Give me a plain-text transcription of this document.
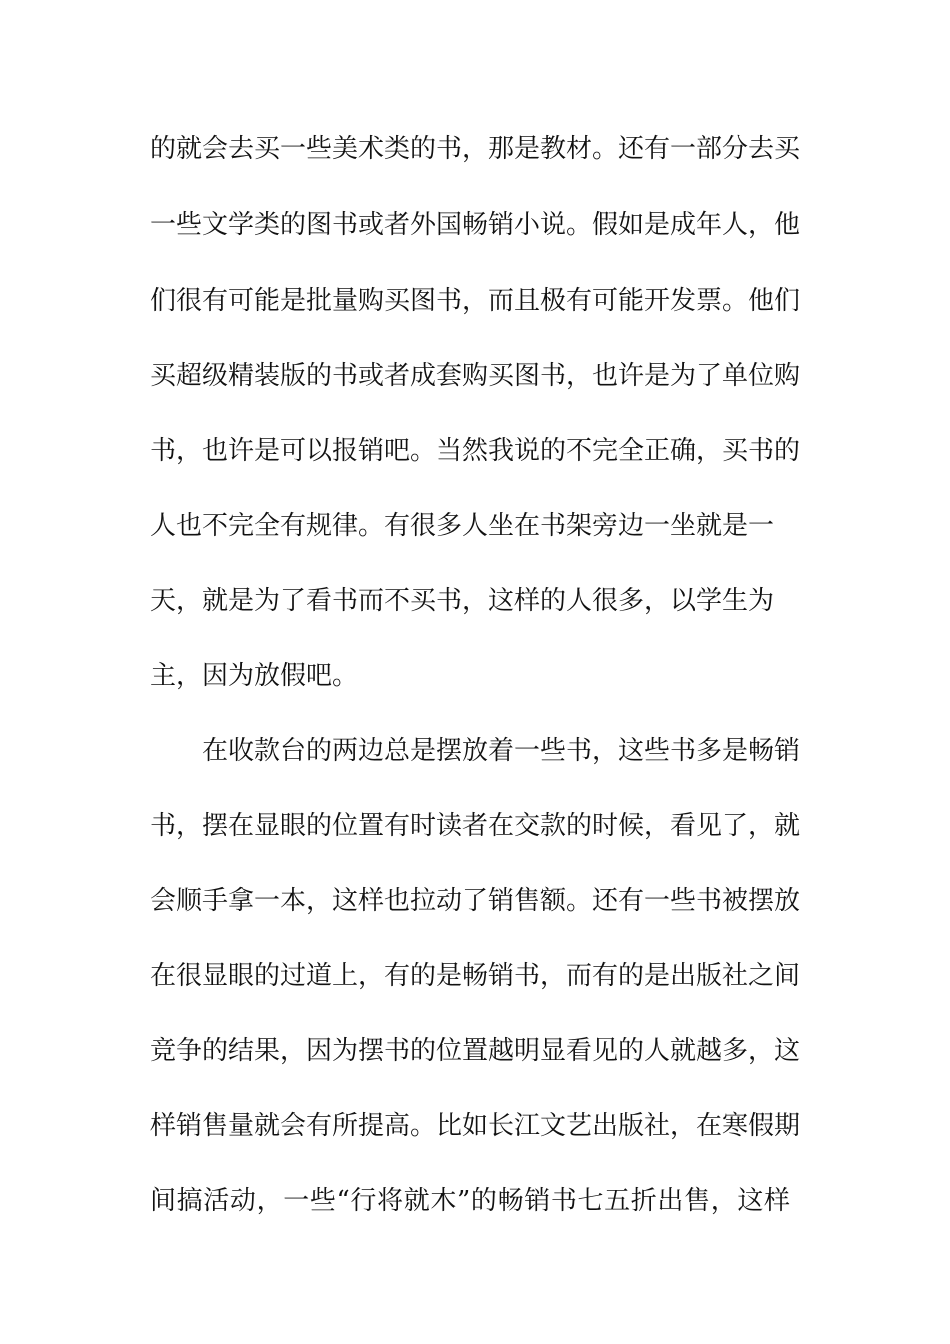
的就会去买一些美术类的书，那是教材。还有一部分去买
一些文学类的图书或者外国畅销小说。假如是成年人，他
们很有可能是批量购买图书，而且极有可能开发票。他们
买超级精装版的书或者成套购买图书，也许是为了单位购
书，也许是可以报销吧。当然我说的不完全正确，买书的
人也不完全有规律。有很多人坐在书架旁边一坐就是一
天，就是为了看书而不买书，这样的人很多，以学生为
主，因为放假吧。
在收款台的两边总是摆放着一些书，这些书多是畅销
书，摆在显眼的位置有时读者在交款的时候，看见了，就
会顺手拿一本，这样也拉动了销售额。还有一些书被摆放
在很显眼的过道上，有的是畅销书，而有的是出版社之间
竞争的结果，因为摆书的位置越明显看见的人就越多，这
样销售量就会有所提高。比如长江文艺出版社，在寒假期
间搞活动，一些“行将就木”的畅销书七五折出售，这样
